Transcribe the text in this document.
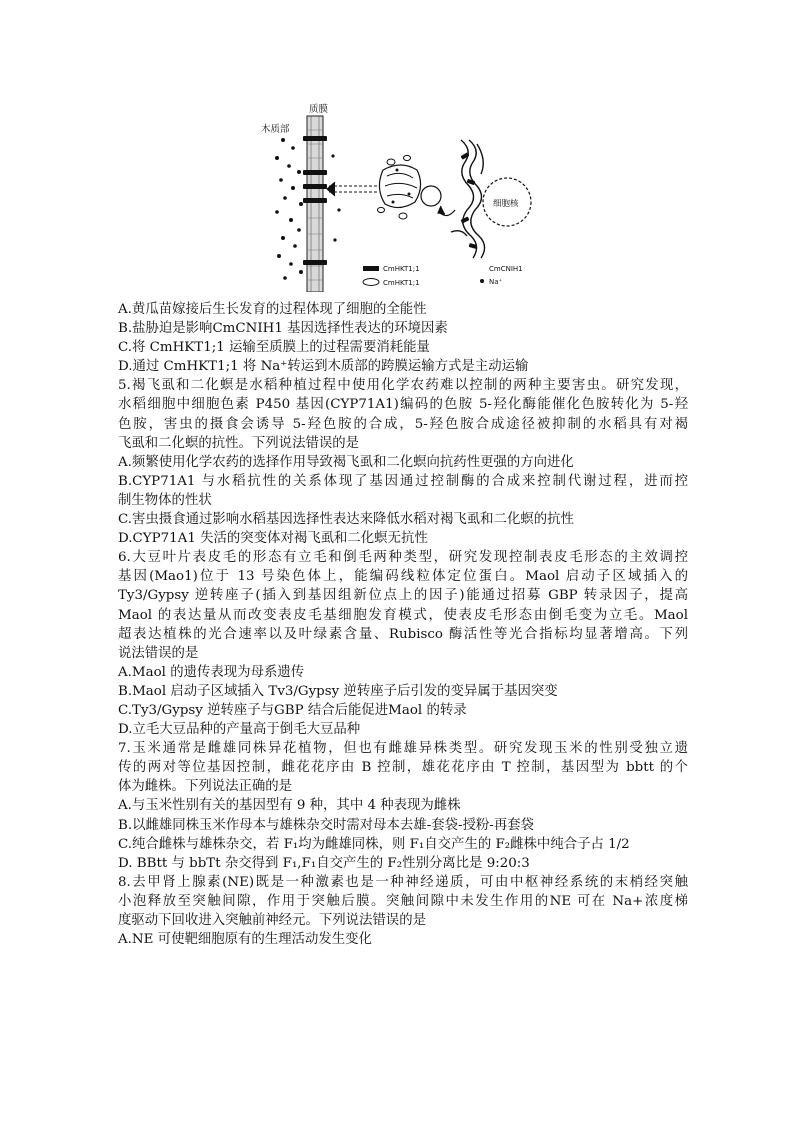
木质部
质膜
细胞核
CmHKT1;1
CmHKT1;1
CmCNIH1
Na⁺
A.黄瓜苗嫁接后生长发育的过程体现了细胞的全能性
B.盐胁迫是影响CmCNIH1 基因选择性表达的环境因素
C.将 CmHKT1;1 运输至质膜上的过程需要消耗能量
D.通过 CmHKT1;1 将 Na⁺转运到木质部的跨膜运输方式是主动运输
5.褐飞虱和二化螟是水稻种植过程中使用化学农药难以控制的两种主要害虫。研究发现，
水稻细胞中细胞色素 P450 基因(CYP71A1)编码的色胺 5-羟化酶能催化色胺转化为 5-羟
色胺，害虫的摄食会诱导 5-羟色胺的合成，5-羟色胺合成途径被抑制的水稻具有对褐
飞虱和二化螟的抗性。下列说法错误的是
A.频繁使用化学农药的选择作用导致褐飞虱和二化螟向抗药性更强的方向进化
B.CYP71A1 与水稻抗性的关系体现了基因通过控制酶的合成来控制代谢过程，进而控
制生物体的性状
C.害虫摄食通过影响水稻基因选择性表达来降低水稻对褐飞虱和二化螟的抗性
D.CYP71A1 失活的突变体对褐飞虱和二化螟无抗性
6.大豆叶片表皮毛的形态有立毛和倒毛两种类型，研究发现控制表皮毛形态的主效调控
基因(Mao1)位于 13 号染色体上，能编码线粒体定位蛋白。Maol 启动子区域插入的
Ty3/Gypsy 逆转座子(插入到基因组新位点上的因子)能通过招募 GBP 转录因子，提高
Maol 的表达量从而改变表皮毛基细胞发育模式，使表皮毛形态由倒毛变为立毛。Maol
超表达植株的光合速率以及叶绿素含量、Rubisco 酶活性等光合指标均显著增高。下列
说法错误的是
A.Maol 的遗传表现为母系遗传
B.Maol 启动子区域插入 Tv3/Gypsy 逆转座子后引发的变异属于基因突变
C.Ty3/Gypsy 逆转座子与GBP 结合后能促进Maol 的转录
D.立毛大豆品种的产量高于倒毛大豆品种
7.玉米通常是雌雄同株异花植物，但也有雌雄异株类型。研究发现玉米的性别受独立遗
传的两对等位基因控制，雌花花序由 B 控制，雄花花序由 T 控制，基因型为 bbtt 的个
体为雌株。下列说法正确的是
A.与玉米性别有关的基因型有 9 种，其中 4 种表现为雌株
B.以雌雄同株玉米作母本与雄株杂交时需对母本去雄-套袋-授粉-再套袋
C.纯合雌株与雄株杂交，若 F₁均为雌雄同株，则 F₁自交产生的 F₂雌株中纯合子占 1/2
D. BBtt 与 bbTt 杂交得到 F₁,F₁自交产生的 F₂性别分离比是 9:20:3
8.去甲肾上腺素(NE)既是一种激素也是一种神经递质，可由中枢神经系统的末梢经突触
小泡释放至突触间隙，作用于突触后膜。突触间隙中未发生作用的NE 可在 Na+浓度梯
度驱动下回收进入突触前神经元。下列说法错误的是
A.NE 可使靶细胞原有的生理活动发生变化
